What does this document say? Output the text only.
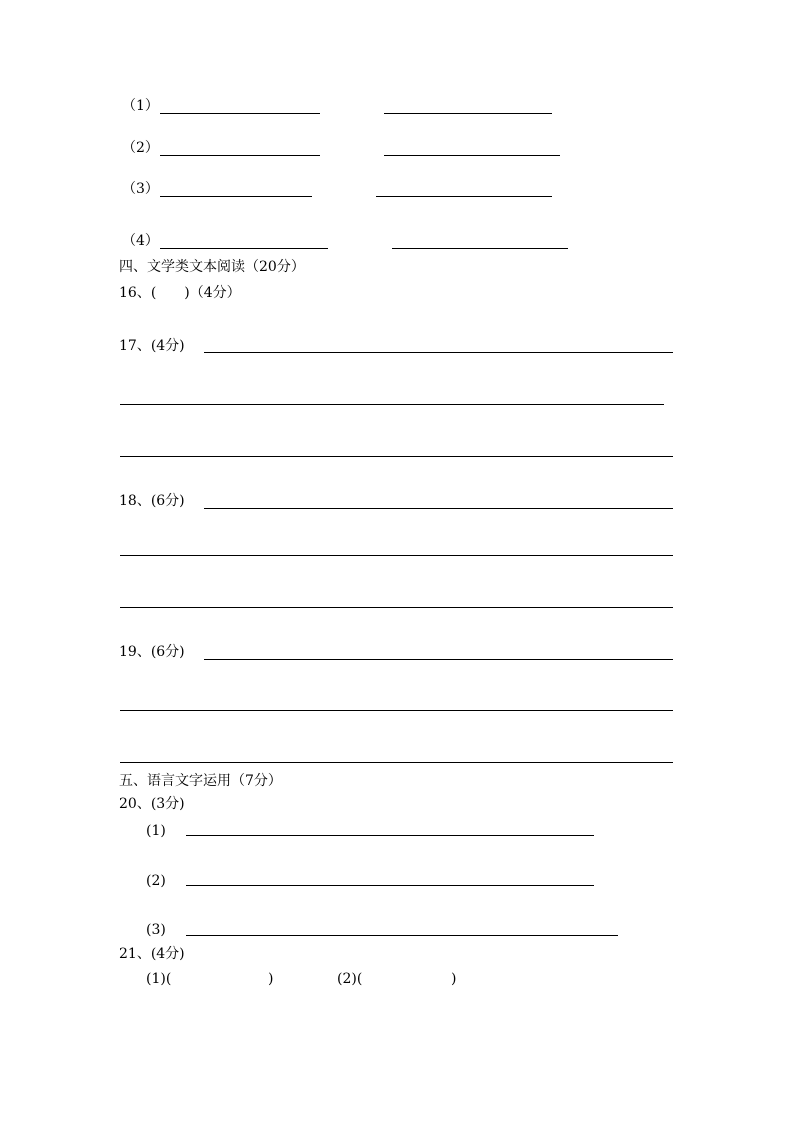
（1）
（2）
（3）
（4）
四、文学类文本阅读（20分）
16、(　　)（4分）
17、(4分)
18、(6分)
19、(6分)
五、语言文字运用（7分）
20、(3分)
(1)
(2)
(3)
21、(4分)
(1)(	)	(2)(	)
